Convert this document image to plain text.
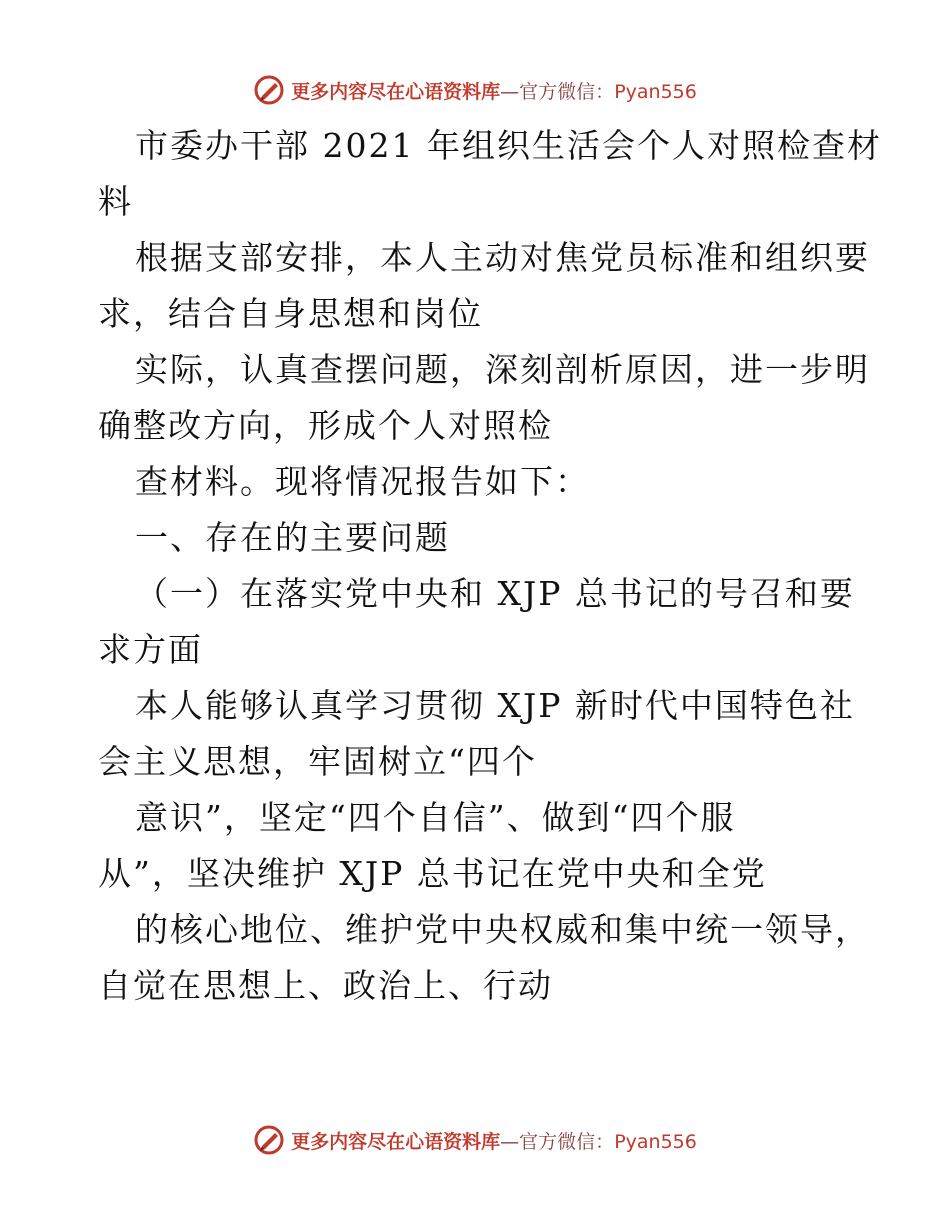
更多内容尽在心语资料库—官方微信：Pyan556
市委办干部 2021 年组织生活会个人对照检查材
料
根据支部安排，本人主动对焦党员标准和组织要
求，结合自身思想和岗位
实际，认真查摆问题，深刻剖析原因，进一步明
确整改方向，形成个人对照检
查材料。现将情况报告如下：
一、存在的主要问题
（一）在落实党中央和 XJP 总书记的号召和要
求方面
本人能够认真学习贯彻 XJP 新时代中国特色社
会主义思想，牢固树立“四个
意识”，坚定“四个自信”、做到“四个服
从”，坚决维护 XJP 总书记在党中央和全党
的核心地位、维护党中央权威和集中统一领导，
自觉在思想上、政治上、行动
更多内容尽在心语资料库—官方微信：Pyan556
